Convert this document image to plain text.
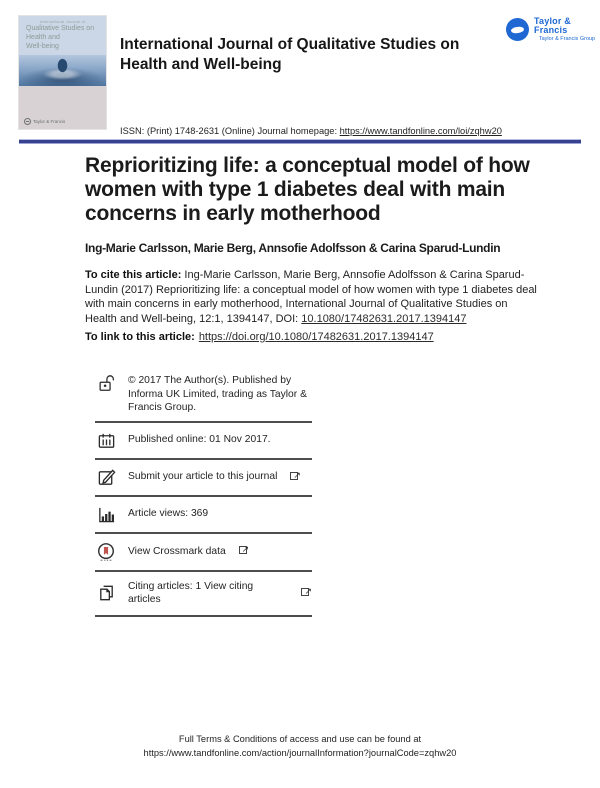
International Journal of
Qualitative Studies on
Health and
Well-being
Taylor & Francis
Taylor & Francis
Taylor & Francis Group
International Journal of Qualitative Studies on Health and Well-being
ISSN: (Print) 1748-2631 (Online) Journal homepage: https://www.tandfonline.com/loi/zqhw20
Reprioritizing life: a conceptual model of how
women with type 1 diabetes deal with main
concerns in early motherhood
Ing-Marie Carlsson, Marie Berg, Annsofie Adolfsson & Carina Sparud-Lundin

To cite this article: Ing-Marie Carlsson, Marie Berg, Annsofie Adolfsson & Carina Sparud-Lundin (2017) Reprioritizing life: a conceptual model of how women with type 1 diabetes deal with main concerns in early motherhood, International Journal of Qualitative Studies on Health and Well-being, 12:1, 1394147, DOI: 10.1080/17482631.2017.1394147

To link to this article: https://doi.org/10.1080/17482631.2017.1394147

© 2017 The Author(s). Published by Informa UK Limited, trading as Taylor & Francis Group.
Published online: 01 Nov 2017.
Submit your article to this journal	↗
Article views: 369
View Crossmark data	↗
Citing articles: 1 View citing articles
↗
Full Terms & Conditions of access and use can be found at
https://www.tandfonline.com/action/journalInformation?journalCode=zqhw20
